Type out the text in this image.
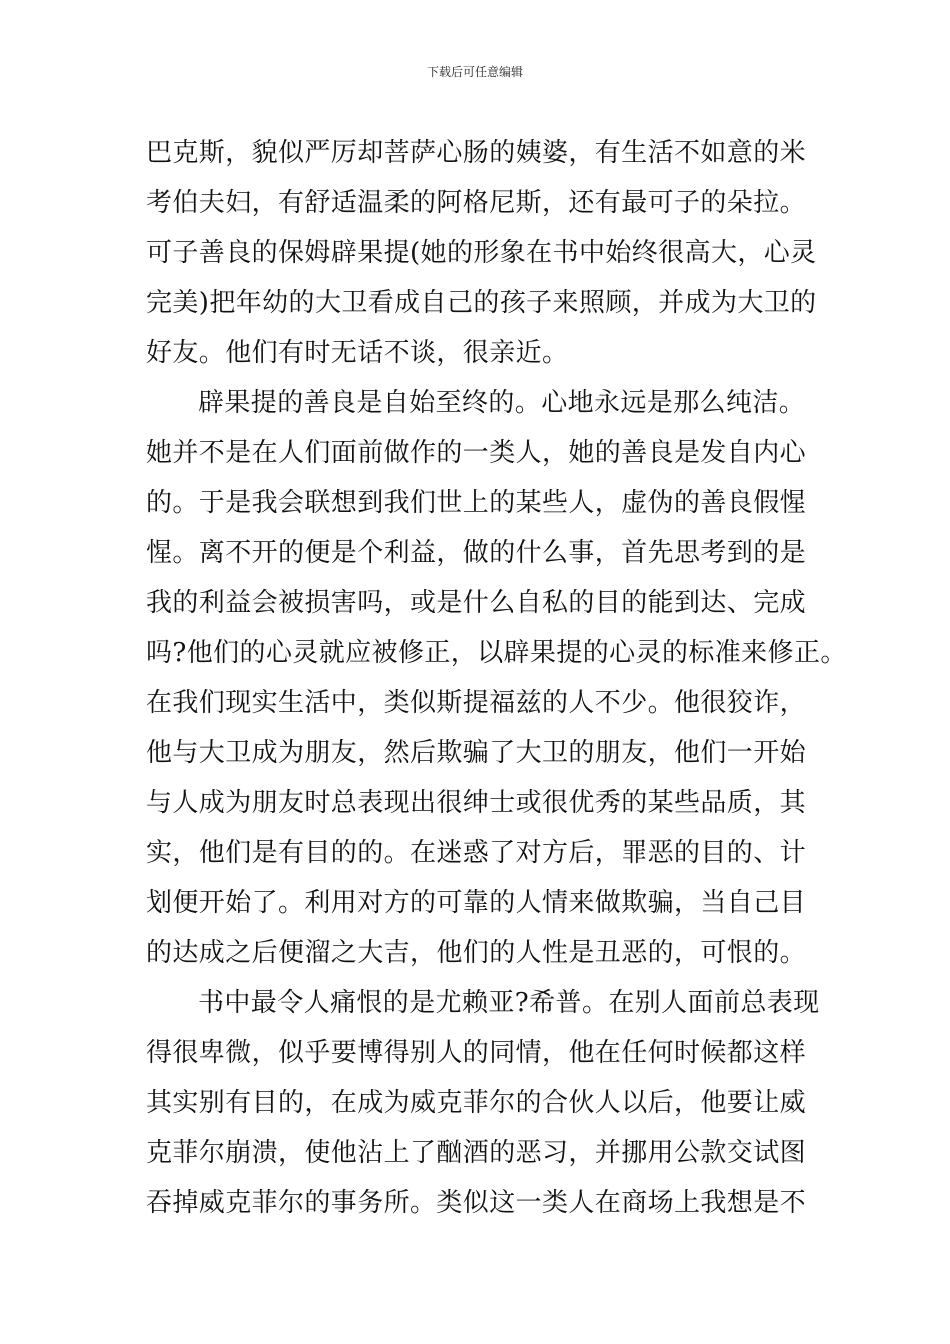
下载后可任意编辑
巴克斯，貌似严厉却菩萨心肠的姨婆，有生活不如意的米
考伯夫妇，有舒适温柔的阿格尼斯，还有最可子的朵拉。
可子善良的保姆辟果提(她的形象在书中始终很高大，心灵
完美)把年幼的大卫看成自己的孩子来照顾，并成为大卫的
好友。他们有时无话不谈，很亲近。
辟果提的善良是自始至终的。心地永远是那么纯洁。
她并不是在人们面前做作的一类人，她的善良是发自内心
的。于是我会联想到我们世上的某些人，虚伪的善良假惺
惺。离不开的便是个利益，做的什么事，首先思考到的是
我的利益会被损害吗，或是什么自私的目的能到达、完成
吗?他们的心灵就应被修正，以辟果提的心灵的标准来修正。
在我们现实生活中，类似斯提福兹的人不少。他很狡诈，
他与大卫成为朋友，然后欺骗了大卫的朋友，他们一开始
与人成为朋友时总表现出很绅士或很优秀的某些品质，其
实，他们是有目的的。在迷惑了对方后，罪恶的目的、计
划便开始了。利用对方的可靠的人情来做欺骗，当自己目
的达成之后便溜之大吉，他们的人性是丑恶的，可恨的。
书中最令人痛恨的是尤赖亚?希普。在别人面前总表现
得很卑微，似乎要博得别人的同情，他在任何时候都这样
其实别有目的，在成为威克菲尔的合伙人以后，他要让威
克菲尔崩溃，使他沾上了酗酒的恶习，并挪用公款交试图
吞掉威克菲尔的事务所。类似这一类人在商场上我想是不
